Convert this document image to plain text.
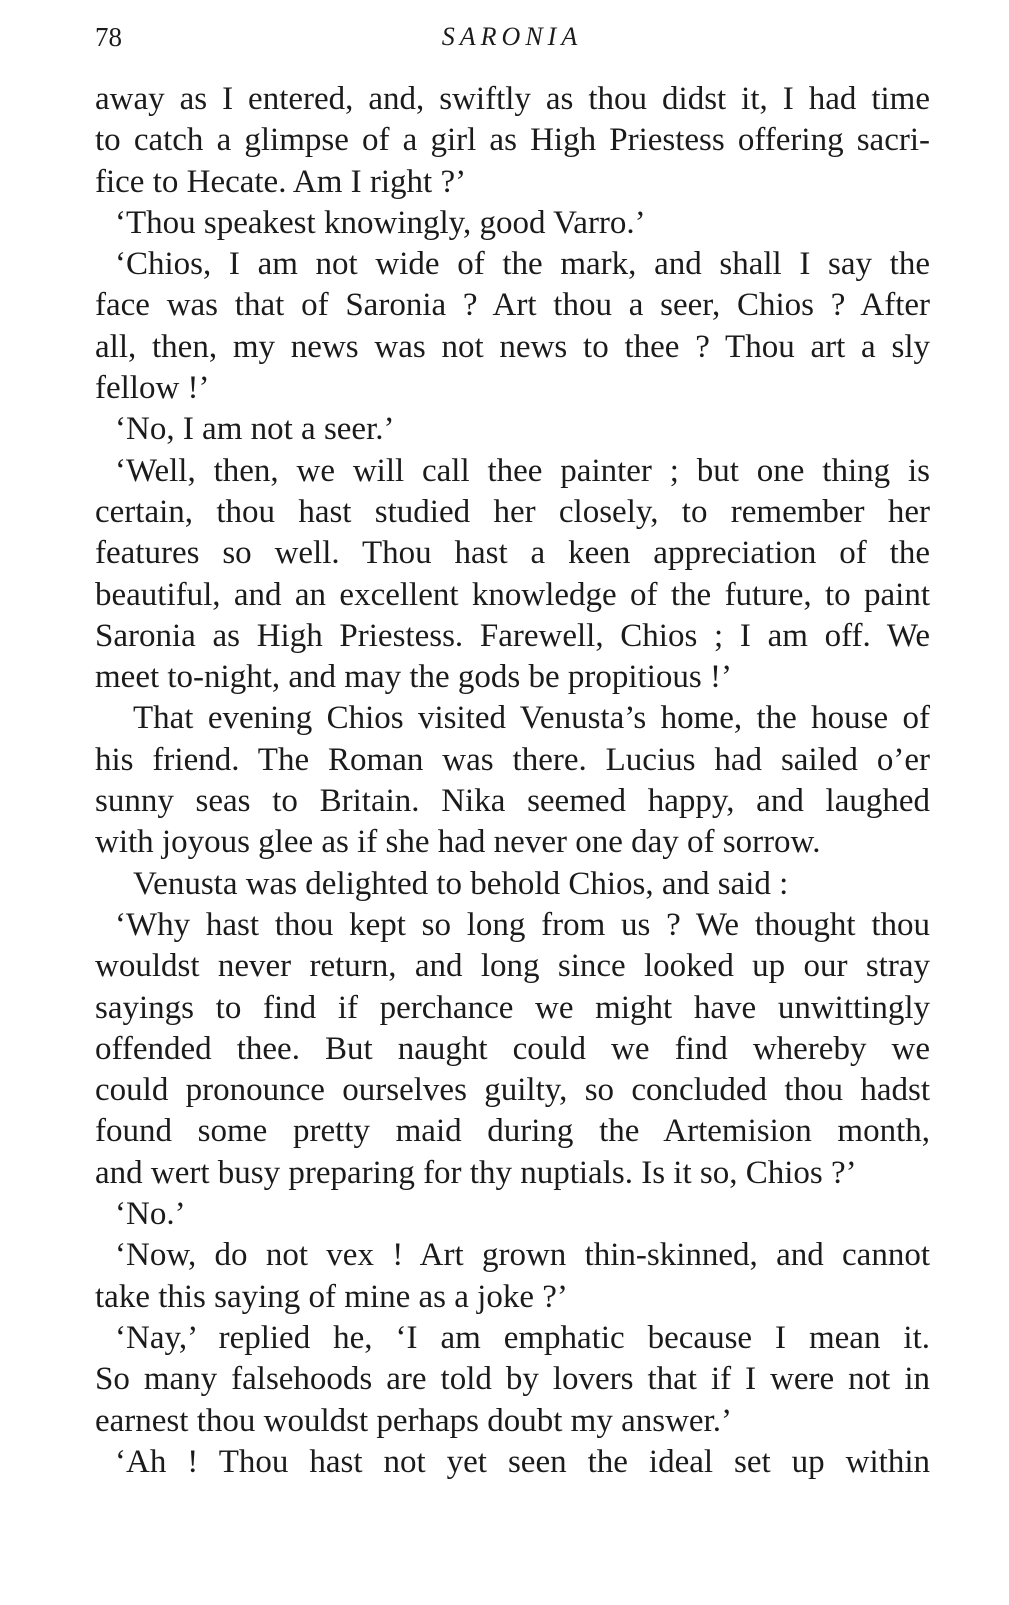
78	SARONIA
away as I entered, and, swiftly as thou didst it, I had time
to catch a glimpse of a girl as High Priestess offering sacri-
fice to Hecate. Am I right ?’
‘Thou speakest knowingly, good Varro.’
‘Chios, I am not wide of the mark, and shall I say the
face was that of Saronia ? Art thou a seer, Chios ? After
all, then, my news was not news to thee ? Thou art a sly
fellow !’
‘No, I am not a seer.’
‘Well, then, we will call thee painter ; but one thing is
certain, thou hast studied her closely, to remember her
features so well. Thou hast a keen appreciation of the
beautiful, and an excellent knowledge of the future, to paint
Saronia as High Priestess. Farewell, Chios ; I am off. We
meet to-night, and may the gods be propitious !’
That evening Chios visited Venusta’s home, the house of
his friend. The Roman was there. Lucius had sailed o’er
sunny seas to Britain. Nika seemed happy, and laughed
with joyous glee as if she had never one day of sorrow.
Venusta was delighted to behold Chios, and said :
‘Why hast thou kept so long from us ? We thought thou
wouldst never return, and long since looked up our stray
sayings to find if perchance we might have unwittingly
offended thee. But naught could we find whereby we
could pronounce ourselves guilty, so concluded thou hadst
found some pretty maid during the Artemision month,
and wert busy preparing for thy nuptials. Is it so, Chios ?’
‘No.’
‘Now, do not vex ! Art grown thin-skinned, and cannot
take this saying of mine as a joke ?’
‘Nay,’ replied he, ‘I am emphatic because I mean it.
So many falsehoods are told by lovers that if I were not in
earnest thou wouldst perhaps doubt my answer.’
‘Ah ! Thou hast not yet seen the ideal set up within
